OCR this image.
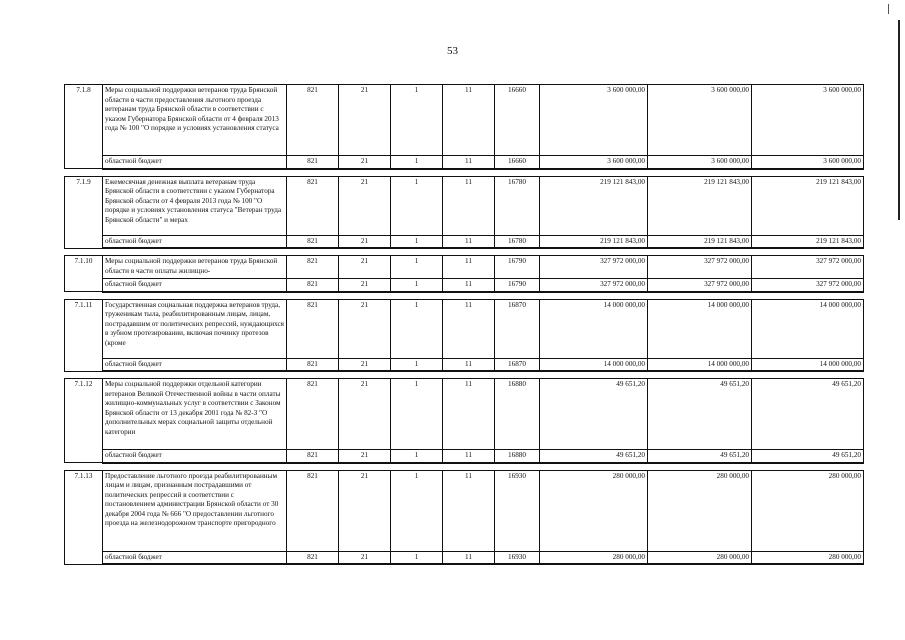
53
7.1.8	Меры социальной поддержки ветеранов труда Брянской области в части предоставления льготного проезда ветеранам труда Брянской области в соответствии с указом Губернатора Брянской области от 4 февраля 2013 года № 100 "О порядке и условиях установления статуса	821	21	1	11	16660	3 600 000,00	3 600 000,00	3 600 000,00
	областной бюджет	821	21	1	11	16660	3 600 000,00	3 600 000,00	3 600 000,00

7.1.9	Ежемесячная денежная выплата ветеранам труда Брянской области в соответствии с указом Губернатора Брянской области от 4 февраля 2013 года № 100 "О порядке и условиях установления статуса "Ветеран труда Брянской области" и мерах	821	21	1	11	16780	219 121 843,00	219 121 843,00	219 121 843,00
	областной бюджет	821	21	1	11	16780	219 121 843,00	219 121 843,00	219 121 843,00

7.1.10	Меры социальной поддержки ветеранов труда Брянской области в части оплаты жилищно-	821	21	1	11	16790	327 972 000,00	327 972 000,00	327 972 000,00
	областной бюджет	821	21	1	11	16790	327 972 000,00	327 972 000,00	327 972 000,00

7.1.11	Государственная социальная поддержка ветеранов труда, труженикам тыла, реабилитированным лицам, лицам, пострадавшим от политических репрессий, нуждающихся в зубном протезировании, включая починку протезов (кроме	821	21	1	11	16870	14 000 000,00	14 000 000,00	14 000 000,00
	областной бюджет	821	21	1	11	16870	14 000 000,00	14 000 000,00	14 000 000,00

7.1.12	Меры социальной поддержки отдельной категории ветеранов Великой Отечественной войны в части оплаты жилищно-коммунальных услуг в соответствии с Законом Брянской области от 13 декабря 2001 года № 82-З "О дополнительных мерах социальной защиты отдельной категории	821	21	1	11	16880	49 651,20	49 651,20	49 651,20
	областной бюджет	821	21	1	11	16880	49 651,20	49 651,20	49 651,20

7.1.13	Предоставление льготного проезда реабилитированным лицам и лицам, признанным пострадавшими от политических репрессий в соответствии с постановлением администрации Брянской области от 30 декабря 2004 года № 666 "О предоставлении льготного проезда на железнодорожном транспорте пригородного	821	21	1	11	16930	280 000,00	280 000,00	280 000,00
	областной бюджет	821	21	1	11	16930	280 000,00	280 000,00	280 000,00
